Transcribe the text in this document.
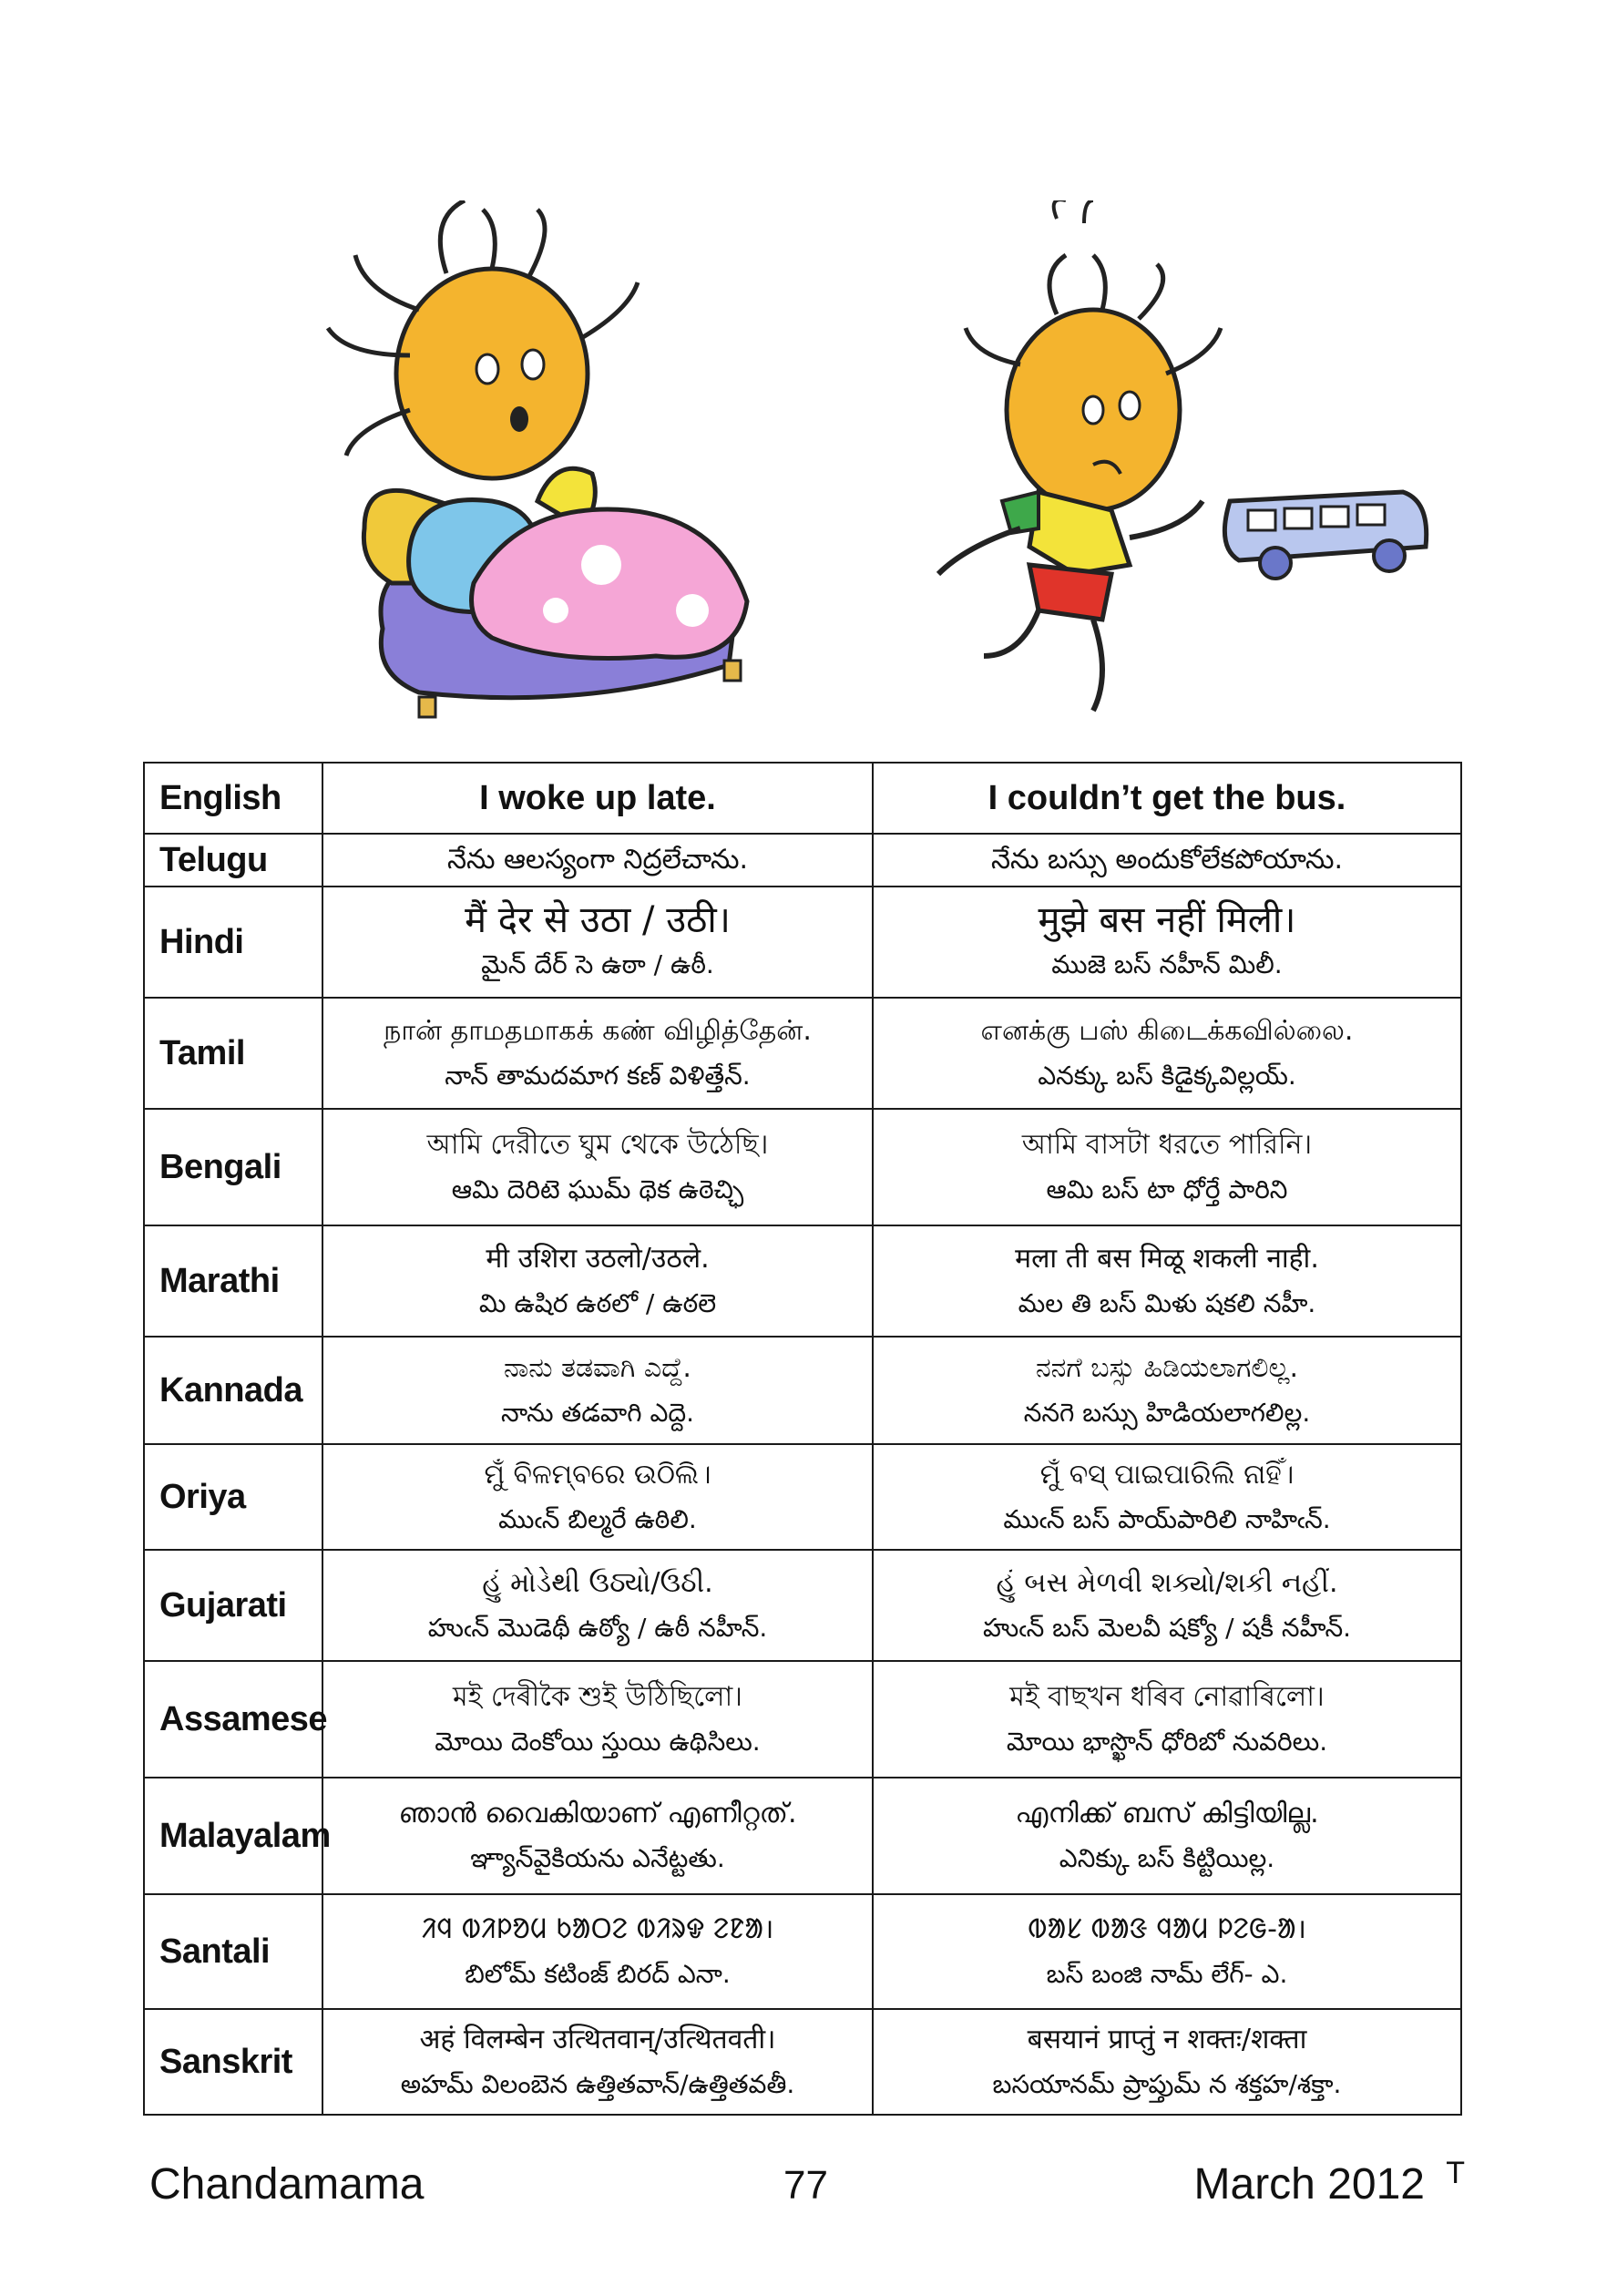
English	I woke up late.	I couldn’t get the bus.
Telugu	నేను ఆలస్యంగా నిద్రలేచాను.	నేను బస్సు అందుకోలేకపోయాను.

Hindi	मैं देर से उठा / उठी।
మైన్ దేర్ సె ఉఠా / ఉఠీ.	मुझे बस नहीं मिली।
ముజె బస్ నహీన్ మిలీ.

Tamil	நான் தாமதமாகக் கண் விழித்தேன்.
నాన్ తామదమాగ కణ్ విళిత్తేన్.	எனக்கு பஸ் கிடைக்கவில்லை.
ఎనక్కు బస్ కిడైక్కవిల్లయ్.

Bengali	আমি দেরীতে ঘুম থেকে উঠেছি।
ఆమి దెరిటె ఘుమ్ థెక ఉఠెచ్ఛి	আমি বাসটা ধরতে পারিনি।
ఆమి బస్ టా ధోర్తే పారిని

Marathi	मी उशिरा उठलो/उठले.
మి ఉషిర ఉఠలో / ఉఠలె	मला ती बस मिळू शकली नाही.
మల తి బస్ మిళు షకలి నహీ.

Kannada	ನಾನು ತಡವಾಗಿ ಎದ್ದೆ.
నాను తడవాగి ఎద్దె.	ನನಗೆ ಬಸ್ಸು ಹಿಡಿಯಲಾಗಲಿಲ್ಲ.
ననగె బస్సు హిడియలాగలిల్ల.

Oriya	ମୁଁ ବିଳମ୍ବରେ ଉଠିଲି।
ముఁన్ బిల్మరే ఉఠిలి.	ମୁଁ ବସ୍ ପାଇପାରିଲି ନାହିଁ।
ముఁన్ బస్ పాయ్‌పారిలి నాహిఁన్.

Gujarati	હું મોડેથી ઉઠ્યો/ઉઠી.
హుఁన్ మొడెథీ ఉఠ్యో / ఉఠీ నహీన్.	હું બસ મેળવી શક્યો/શકી નહીં.
హుఁన్ బస్ మెలవీ షక్యో / షకీ నహీన్.

Assamese	মই দেৰীকৈ শুই উঠিছিলো।
మోయి దెంకోయి స్తుయి ఉథిసిలు.	মই বাছখন ধৰিব নোৱাৰিলো।
మోయి భాస్ఖొన్ ధోరిబో నువరిలు.

Malayalam	ഞാൻ വൈകിയാണ് എണീറ്റത്.
ఞ్యాన్‌వైకియను ఎనేట్టతు.	എനിക്ക് ബസ് കിട്ടിയില്ല.
ఎనిక్కు బస్ కిట్టియిల్ల.

Santali	ᱤᱧ ᱵᱤᱞᱚᱢ ᱠᱟᱛᱮ ᱵᱤᱨᱫ ᱮᱱᱟ।
బిలోమ్ కటింజ్ బిరద్ ఎనా.	ᱵᱟᱥ ᱵᱟᱝ ᱧᱟᱢ ᱞᱮᱜ-ᱟ।
బస్ బంజి నామ్ లేగ్- ఎ.

Sanskrit	अहं विलम्बेन उत्थितवान्/उत्थितवती।
అహమ్ విలంబెన ఉత్తితవాన్/ఉత్తితవతీ.	बसयानं प्राप्तुं न शक्तः/शक्ता
బసయానమ్ ప్రాప్తుమ్ న శక్తహ/శక్తా.
Chandamama	77	March 2012 T
